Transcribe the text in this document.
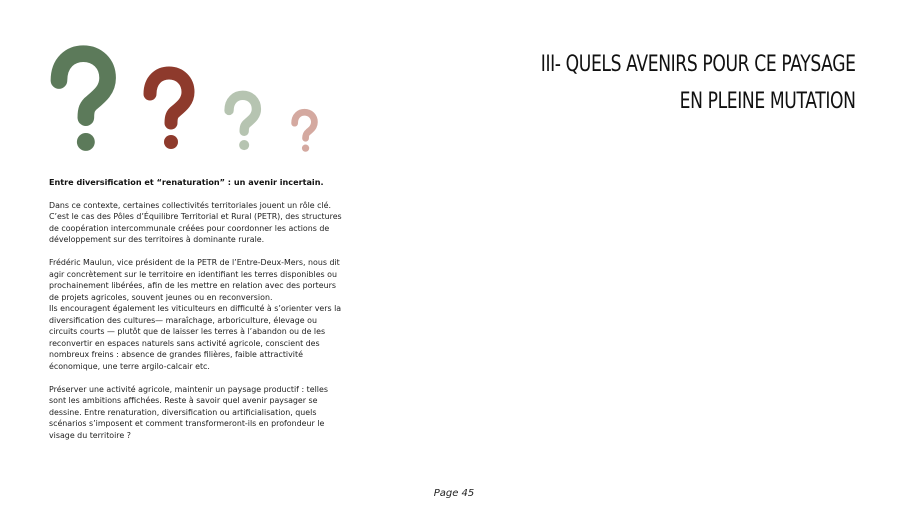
III- QUELS AVENIRS POUR CE PAYSAGE
EN PLEINE MUTATION
Entre diversification et “renaturation” : un avenir incertain.

Dans ce contexte, certaines collectivités territoriales jouent un rôle clé. C’est le cas des Pôles d’Équilibre Territorial et Rural (PETR), des structures de coopération intercommunale créées pour coordonner les actions de développement sur des territoires à dominante rurale.

Frédéric Maulun, vice président de la PETR de l’Entre-Deux-Mers, nous dit agir concrètement sur le territoire en identifiant les terres disponibles ou prochainement libérées, afin de les mettre en relation avec des porteurs de projets agricoles, souvent jeunes ou en reconversion.

Ils encouragent également les viticulteurs en difficulté à s’orienter vers la diversification des cultures— maraîchage, arboriculture, élevage ou circuits courts — plutôt que de laisser les terres à l’abandon ou de les reconvertir en espaces naturels sans activité agricole, conscient des nombreux freins : absence de grandes filières, faible attractivité économique, une terre argilo-calcair etc.

Préserver une activité agricole, maintenir un paysage productif : telles sont les ambitions affichées. Reste à savoir quel avenir paysager se dessine. Entre renaturation, diversification ou artificialisation, quels scénarios s’imposent et comment transformeront-ils en profondeur le visage du territoire ?

Page 45
